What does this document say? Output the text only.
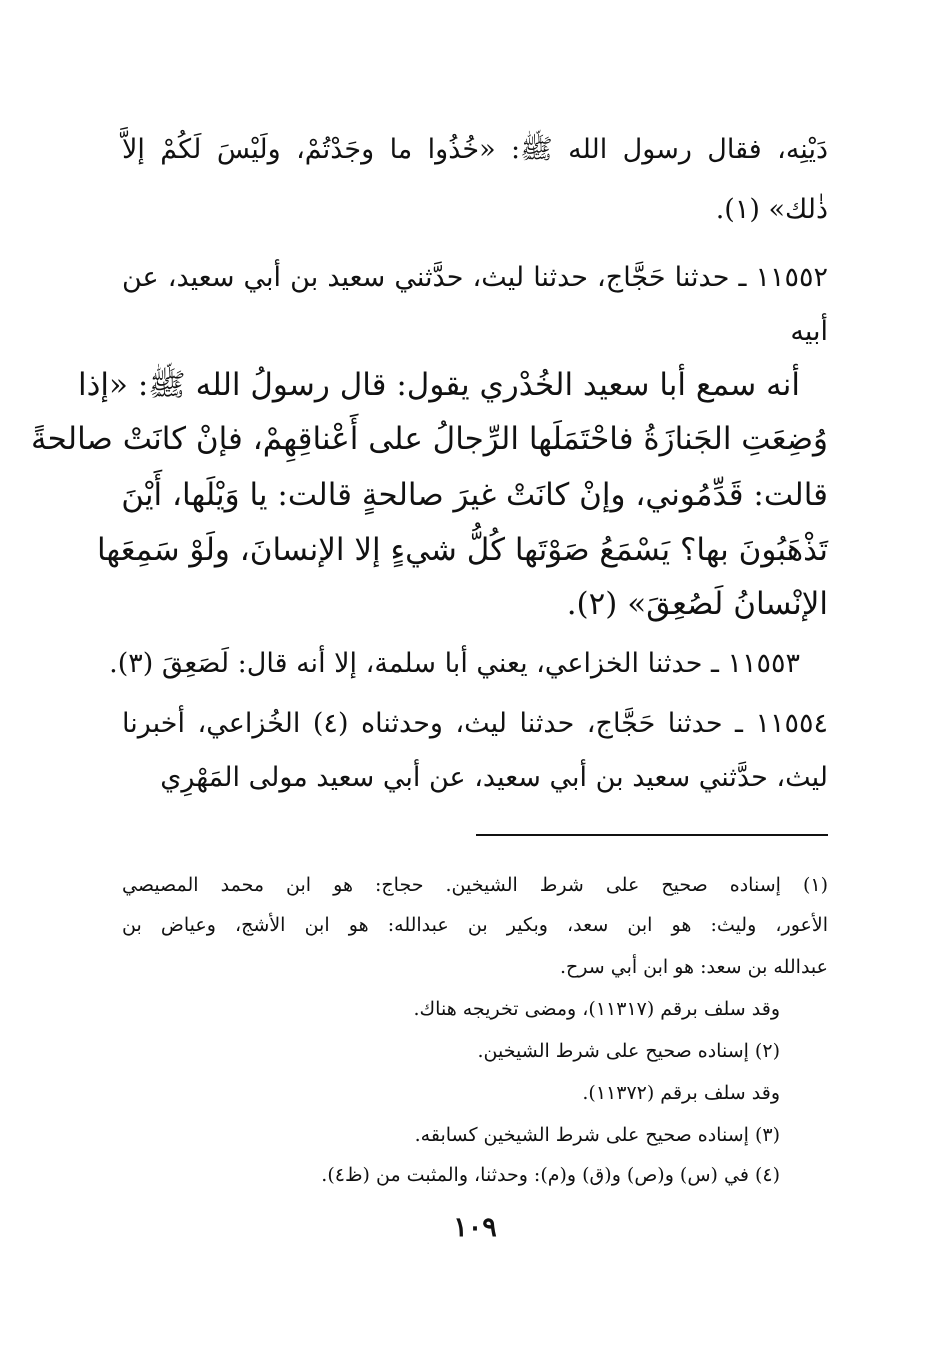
دَيْنِه، فقال رسول الله ﷺ: «خُذُوا ما وجَدْتُمْ، ولَيْسَ لَكُمْ إلاَّ
ذٰلك» (١).
١١٥٥٢ ـ حدثنا حَجَّاج، حدثنا ليث، حدَّثني سعيد بن أبي سعيد، عن
أبيه
أنه سمع أبا سعيد الخُدْري يقول: قال رسولُ الله ﷺ: «إذا
وُضِعَتِ الجَنازَةُ فاحْتَمَلَها الرِّجالُ على أَعْناقِهِمْ، فإنْ كانَتْ صالحةً
قالت: قَدِّمُوني، وإنْ كانَتْ غيرَ صالحةٍ قالت: يا وَيْلَها، أَيْنَ
تَذْهَبُونَ بها؟ يَسْمَعُ صَوْتَها كُلُّ شيءٍ إلا الإنسانَ، ولَوْ سَمِعَها
الإنْسانُ لَصُعِقَ» (٢).
١١٥٥٣ ـ حدثنا الخزاعي، يعني أبا سلمة، إلا أنه قال: لَصَعِقَ (٣).
١١٥٥٤ ـ حدثنا حَجَّاج، حدثنا ليث، وحدثناه (٤) الخُزاعي، أخبرنا
ليث، حدَّثني سعيد بن أبي سعيد، عن أبي سعيد مولى المَهْرِي
(١) إسناده صحيح على شرط الشيخين. حجاج: هو ابن محمد المصيصي
الأعور، وليث: هو ابن سعد، وبكير بن عبدالله: هو ابن الأشج، وعياض بن
عبدالله بن سعد: هو ابن أبي سرح.
وقد سلف برقم (١١٣١٧)، ومضى تخريجه هناك.
(٢) إسناده صحيح على شرط الشيخين.
وقد سلف برقم (١١٣٧٢).
(٣) إسناده صحيح على شرط الشيخين كسابقه.
(٤) في (س) و(ص) و(ق) و(م): وحدثنا، والمثبت من (ظ٤).
١٠٩
